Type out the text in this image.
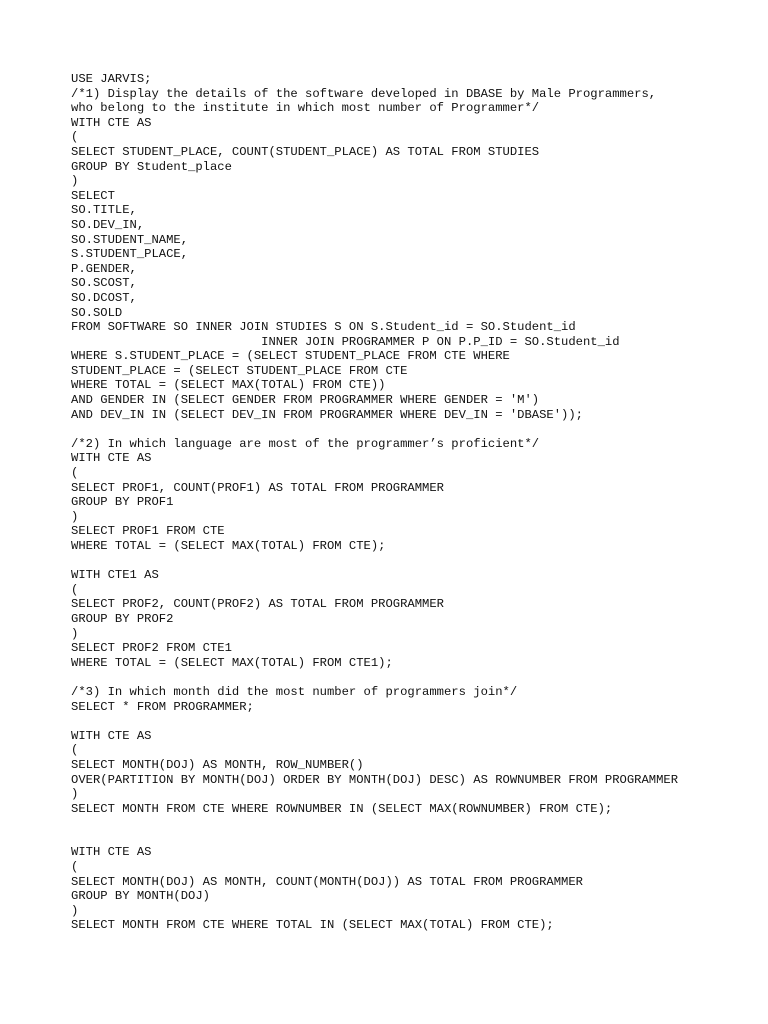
USE JARVIS;
/*1) Display the details of the software developed in DBASE by Male Programmers,
who belong to the institute in which most number of Programmer*/
WITH CTE AS
(
SELECT STUDENT_PLACE, COUNT(STUDENT_PLACE) AS TOTAL FROM STUDIES
GROUP BY Student_place
)
SELECT
SO.TITLE,
SO.DEV_IN,
SO.STUDENT_NAME,
S.STUDENT_PLACE,
P.GENDER,
SO.SCOST,
SO.DCOST,
SO.SOLD
FROM SOFTWARE SO INNER JOIN STUDIES S ON S.Student_id = SO.Student_id
INNER JOIN PROGRAMMER P ON P.P_ID = SO.Student_id
WHERE S.STUDENT_PLACE = (SELECT STUDENT_PLACE FROM CTE WHERE
STUDENT_PLACE = (SELECT STUDENT_PLACE FROM CTE
WHERE TOTAL = (SELECT MAX(TOTAL) FROM CTE))
AND GENDER IN (SELECT GENDER FROM PROGRAMMER WHERE GENDER = 'M')
AND DEV_IN IN (SELECT DEV_IN FROM PROGRAMMER WHERE DEV_IN = 'DBASE'));
/*2) In which language are most of the programmer’s proficient*/
WITH CTE AS
(
SELECT PROF1, COUNT(PROF1) AS TOTAL FROM PROGRAMMER
GROUP BY PROF1
)
SELECT PROF1 FROM CTE
WHERE TOTAL = (SELECT MAX(TOTAL) FROM CTE);
WITH CTE1 AS
(
SELECT PROF2, COUNT(PROF2) AS TOTAL FROM PROGRAMMER
GROUP BY PROF2
)
SELECT PROF2 FROM CTE1
WHERE TOTAL = (SELECT MAX(TOTAL) FROM CTE1);
/*3) In which month did the most number of programmers join*/
SELECT * FROM PROGRAMMER;
WITH CTE AS
(
SELECT MONTH(DOJ) AS MONTH, ROW_NUMBER()
OVER(PARTITION BY MONTH(DOJ) ORDER BY MONTH(DOJ) DESC) AS ROWNUMBER FROM PROGRAMMER
)
SELECT MONTH FROM CTE WHERE ROWNUMBER IN (SELECT MAX(ROWNUMBER) FROM CTE);
WITH CTE AS
(
SELECT MONTH(DOJ) AS MONTH, COUNT(MONTH(DOJ)) AS TOTAL FROM PROGRAMMER
GROUP BY MONTH(DOJ)
)
SELECT MONTH FROM CTE WHERE TOTAL IN (SELECT MAX(TOTAL) FROM CTE);
